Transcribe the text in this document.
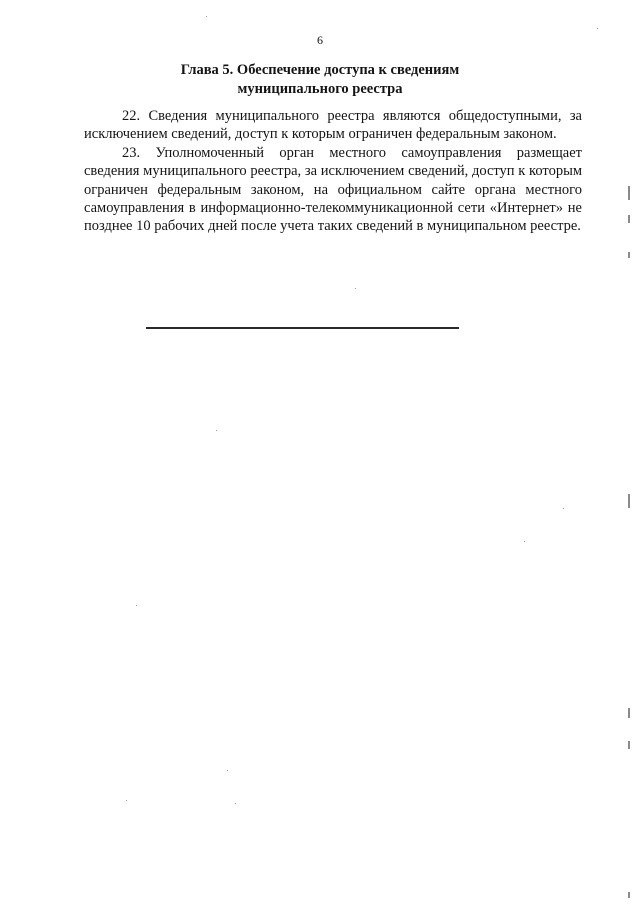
6
Глава 5. Обеспечение доступа к сведениям
муниципального реестра

22. Сведения муниципального реестра являются общедоступными, за исключением сведений, доступ к которым ограничен федеральным законом.

23. Уполномоченный орган местного самоуправления размещает сведения муниципального реестра, за исключением сведений, доступ к которым ограничен федеральным законом, на официальном сайте органа местного самоуправления в информационно-телекоммуникационной сети «Интернет» не позднее 10 рабочих дней после учета таких сведений в муниципальном реестре.
